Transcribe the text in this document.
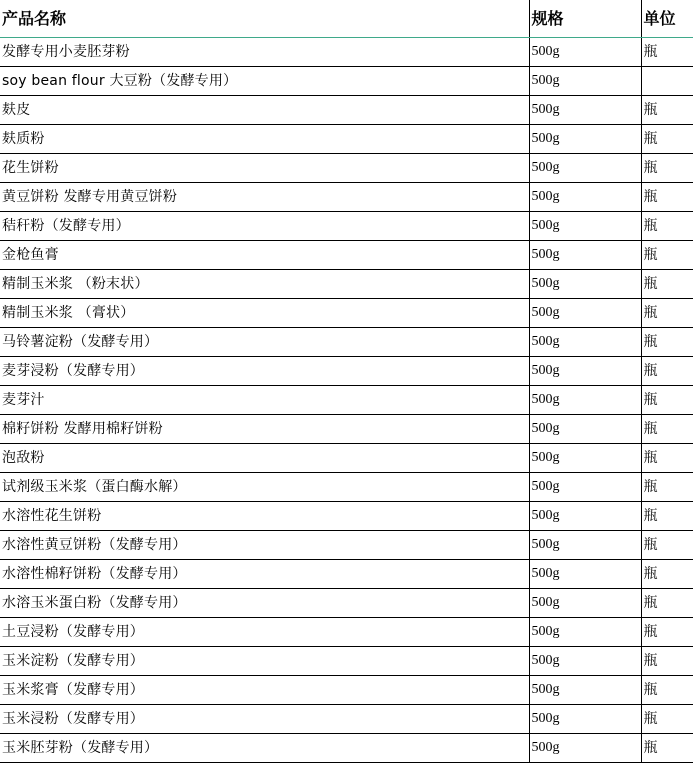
产品名称	规格	单位
发酵专用小麦胚芽粉	500g	瓶
soy bean flour 大豆粉（发酵专用）	500g	
麸皮	500g	瓶
麸质粉	500g	瓶
花生饼粉	500g	瓶
黄豆饼粉 发酵专用黄豆饼粉	500g	瓶
秸秆粉（发酵专用）	500g	瓶
金枪鱼膏	500g	瓶
精制玉米浆 （粉末状）	500g	瓶
精制玉米浆 （膏状）	500g	瓶
马铃薯淀粉（发酵专用）	500g	瓶
麦芽浸粉（发酵专用）	500g	瓶
麦芽汁	500g	瓶
棉籽饼粉 发酵用棉籽饼粉	500g	瓶
泡敌粉	500g	瓶
试剂级玉米浆（蛋白酶水解）	500g	瓶
水溶性花生饼粉	500g	瓶
水溶性黄豆饼粉（发酵专用）	500g	瓶
水溶性棉籽饼粉（发酵专用）	500g	瓶
水溶玉米蛋白粉（发酵专用）	500g	瓶
土豆浸粉（发酵专用）	500g	瓶
玉米淀粉（发酵专用）	500g	瓶
玉米浆膏（发酵专用）	500g	瓶
玉米浸粉（发酵专用）	500g	瓶
玉米胚芽粉（发酵专用）	500g	瓶
